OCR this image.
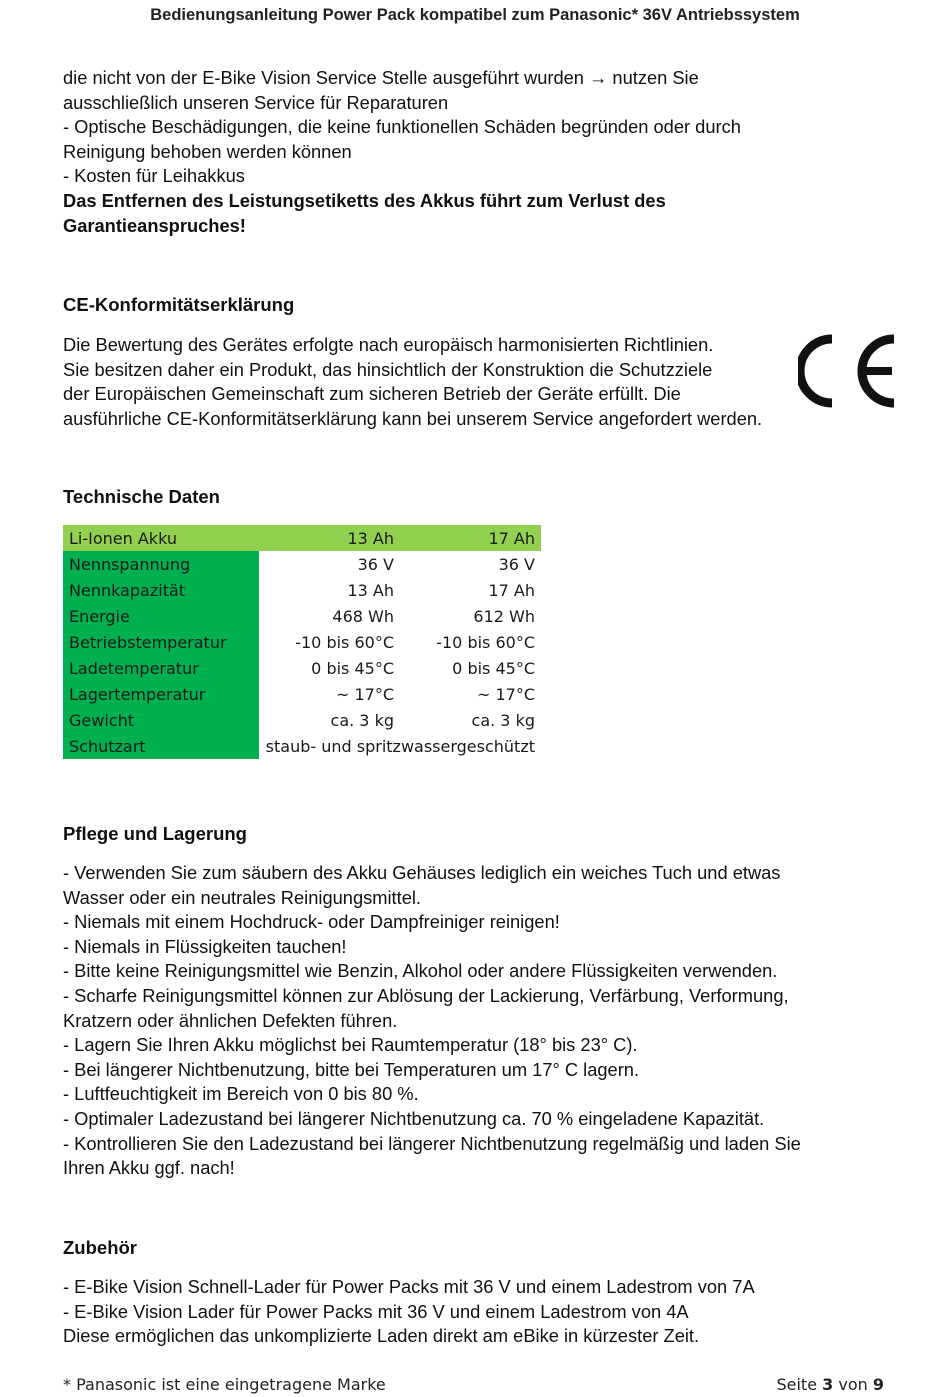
Bedienungsanleitung Power Pack kompatibel zum Panasonic* 36V Antriebssystem
die nicht von der E-Bike Vision Service Stelle ausgeführt wurden → nutzen Sie
ausschließlich unseren Service für Reparaturen
- Optische Beschädigungen, die keine funktionellen Schäden begründen oder durch
Reinigung behoben werden können
- Kosten für Leihakkus
Das Entfernen des Leistungsetiketts des Akkus führt zum Verlust des
Garantieanspruches!
CE-Konformitätserklärung
Die Bewertung des Gerätes erfolgte nach europäisch harmonisierten Richtlinien.
Sie besitzen daher ein Produkt, das hinsichtlich der Konstruktion die Schutzziele
der Europäischen Gemeinschaft zum sicheren Betrieb der Geräte erfüllt. Die
ausführliche CE-Konformitätserklärung kann bei unserem Service angefordert werden.
Technische Daten
Li-Ionen Akku	13 Ah	17 Ah
Nennspannung	36 V	36 V
Nennkapazität	13 Ah	17 Ah
Energie	468 Wh	612 Wh
Betriebstemperatur	-10 bis 60°C	-10 bis 60°C
Ladetemperatur	0 bis 45°C	0 bis 45°C
Lagertemperatur	~ 17°C	~ 17°C
Gewicht	ca. 3 kg	ca. 3 kg
Schutzart	staub- und spritzwassergeschützt	
Pflege und Lagerung
- Verwenden Sie zum säubern des Akku Gehäuses lediglich ein weiches Tuch und etwas
Wasser oder ein neutrales Reinigungsmittel.
- Niemals mit einem Hochdruck- oder Dampfreiniger reinigen!
- Niemals in Flüssigkeiten tauchen!
- Bitte keine Reinigungsmittel wie Benzin, Alkohol oder andere Flüssigkeiten verwenden.
- Scharfe Reinigungsmittel können zur Ablösung der Lackierung, Verfärbung, Verformung,
Kratzern oder ähnlichen Defekten führen.
- Lagern Sie Ihren Akku möglichst bei Raumtemperatur (18° bis 23° C).
- Bei längerer Nichtbenutzung, bitte bei Temperaturen um 17° C lagern.
- Luftfeuchtigkeit im Bereich von 0 bis 80 %.
- Optimaler Ladezustand bei längerer Nichtbenutzung ca. 70 % eingeladene Kapazität.
- Kontrollieren Sie den Ladezustand bei längerer Nichtbenutzung regelmäßig und laden Sie
Ihren Akku ggf. nach!
Zubehör
- E-Bike Vision Schnell-Lader für Power Packs mit 36 V und einem Ladestrom von 7A
- E-Bike Vision Lader für Power Packs mit 36 V und einem Ladestrom von 4A
Diese ermöglichen das unkomplizierte Laden direkt am eBike in kürzester Zeit.
* Panasonic ist eine eingetragene Marke	Seite 3 von 9
